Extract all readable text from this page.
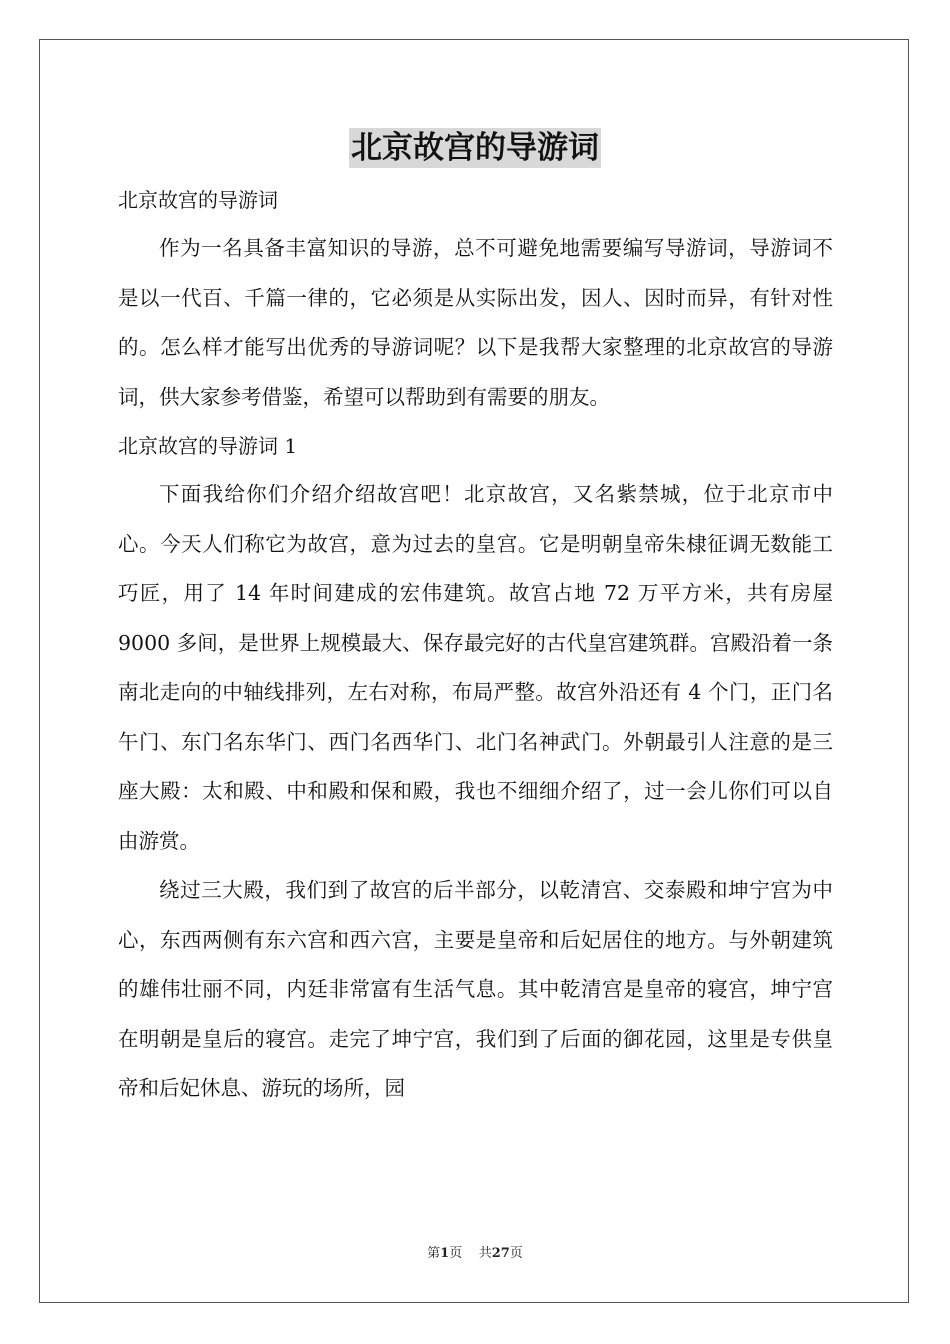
北京故宫的导游词

北京故宫的导游词

作为一名具备丰富知识的导游，总不可避免地需要编写导游词，导游词不是以一代百、千篇一律的，它必须是从实际出发，因人、因时而异，有针对性的。怎么样才能写出优秀的导游词呢？以下是我帮大家整理的北京故宫的导游词，供大家参考借鉴，希望可以帮助到有需要的朋友。

北京故宫的导游词 1

下面我给你们介绍介绍故宫吧！北京故宫，又名紫禁城，位于北京市中心。今天人们称它为故宫，意为过去的皇宫。它是明朝皇帝朱棣征调无数能工巧匠，用了 14 年时间建成的宏伟建筑。故宫占地 72 万平方米，共有房屋 9000 多间，是世界上规模最大、保存最完好的古代皇宫建筑群。宫殿沿着一条南北走向的中轴线排列，左右对称，布局严整。故宫外沿还有 4 个门，正门名午门、东门名东华门、西门名西华门、北门名神武门。外朝最引人注意的是三座大殿：太和殿、中和殿和保和殿，我也不细细介绍了，过一会儿你们可以自由游赏。

绕过三大殿，我们到了故宫的后半部分，以乾清宫、交泰殿和坤宁宫为中心，东西两侧有东六宫和西六宫，主要是皇帝和后妃居住的地方。与外朝建筑的雄伟壮丽不同，内廷非常富有生活气息。其中乾清宫是皇帝的寝宫，坤宁宫在明朝是皇后的寝宫。走完了坤宁宫，我们到了后面的御花园，这里是专供皇帝和后妃休息、游玩的场所，园

第1页 共27页
